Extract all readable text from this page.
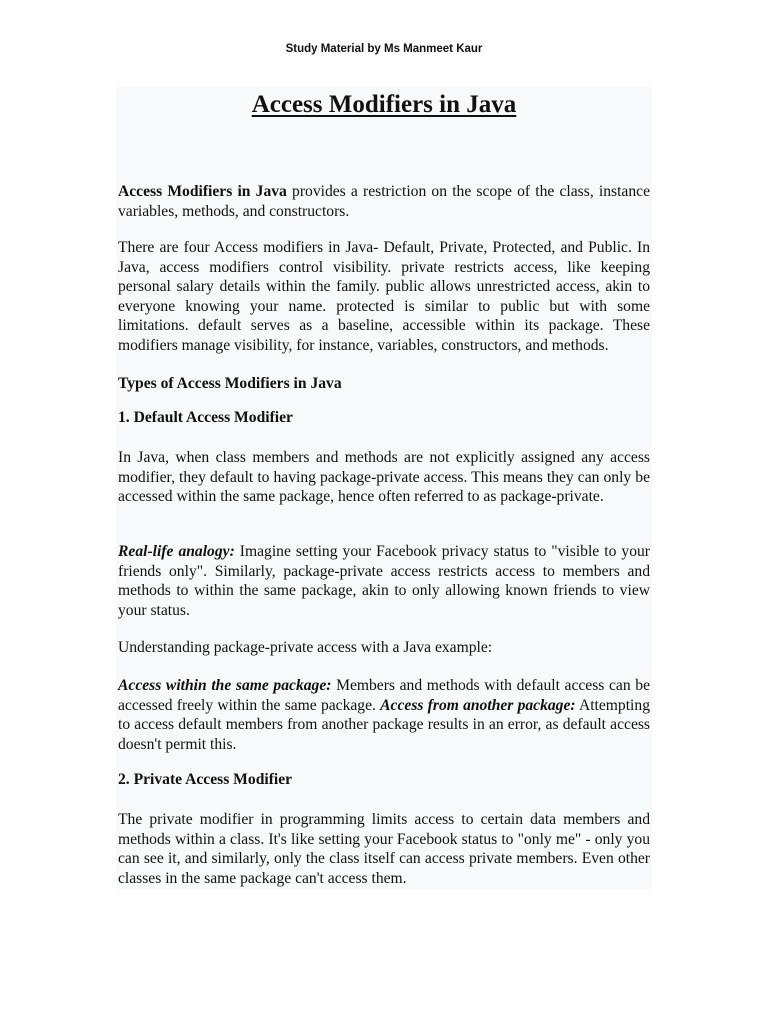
Study Material by Ms Manmeet Kaur
Access Modifiers in Java
Access Modifiers in Java provides a restriction on the scope of the class, instance variables, methods, and constructors.
There are four Access modifiers in Java- Default, Private, Protected, and Public. In Java, access modifiers control visibility. private restricts access, like keeping personal salary details within the family. public allows unrestricted access, akin to everyone knowing your name. protected is similar to public but with some limitations. default serves as a baseline, accessible within its package. These modifiers manage visibility, for instance, variables, constructors, and methods.
Types of Access Modifiers in Java
1. Default Access Modifier
In Java, when class members and methods are not explicitly assigned any access modifier, they default to having package-private access. This means they can only be accessed within the same package, hence often referred to as package-private.
Real-life analogy: Imagine setting your Facebook privacy status to "visible to your friends only". Similarly, package-private access restricts access to members and methods to within the same package, akin to only allowing known friends to view your status.
Understanding package-private access with a Java example:
Access within the same package: Members and methods with default access can be accessed freely within the same package. Access from another package: Attempting to access default members from another package results in an error, as default access doesn't permit this.
2. Private Access Modifier
The private modifier in programming limits access to certain data members and methods within a class. It's like setting your Facebook status to "only me" - only you can see it, and similarly, only the class itself can access private members. Even other classes in the same package can't access them.
